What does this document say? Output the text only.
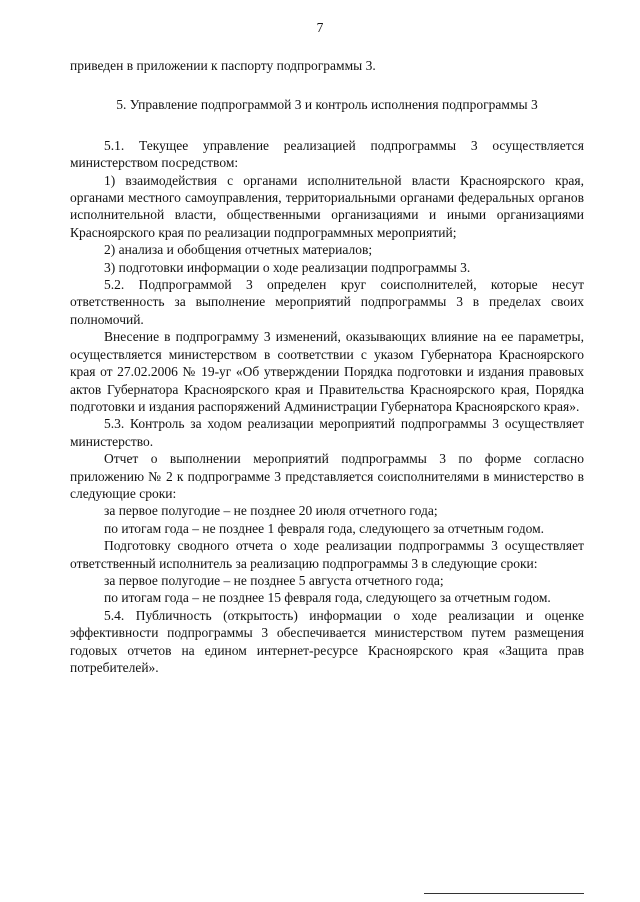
7

приведен в приложении к паспорту подпрограммы 3.

5. Управление подпрограммой 3 и контроль исполнения подпрограммы 3

5.1. Текущее управление реализацией подпрограммы 3 осуществляется министерством посредством:

1) взаимодействия с органами исполнительной власти Красноярского края, органами местного самоуправления, территориальными органами федеральных органов исполнительной власти, общественными организациями и иными организациями Красноярского края по реализации подпрограммных мероприятий;

2) анализа и обобщения отчетных материалов;

3) подготовки информации о ходе реализации подпрограммы 3.

5.2. Подпрограммой 3 определен круг соисполнителей, которые несут ответственность за выполнение мероприятий подпрограммы 3 в пределах своих полномочий.

Внесение в подпрограмму 3 изменений, оказывающих влияние на ее параметры, осуществляется министерством в соответствии с указом Губернатора Красноярского края от 27.02.2006 № 19-уг «Об утверждении Порядка подготовки и издания правовых актов Губернатора Красноярского края и Правительства Красноярского края, Порядка подготовки и издания распоряжений Администрации Губернатора Красноярского края».

5.3. Контроль за ходом реализации мероприятий подпрограммы 3 осуществляет министерство.

Отчет о выполнении мероприятий подпрограммы 3 по форме согласно приложению № 2 к подпрограмме 3 представляется соисполнителями в министерство в следующие сроки:

за первое полугодие – не позднее 20 июля отчетного года;

по итогам года – не позднее 1 февраля года, следующего за отчетным годом.

Подготовку сводного отчета о ходе реализации подпрограммы 3 осуществляет ответственный исполнитель за реализацию подпрограммы 3 в следующие сроки:

за первое полугодие – не позднее 5 августа отчетного года;

по итогам года – не позднее 15 февраля года, следующего за отчетным годом.

5.4. Публичность (открытость) информации о ходе реализации и оценке эффективности подпрограммы 3 обеспечивается министерством путем размещения годовых отчетов на едином интернет-ресурсе Красноярского края «Защита прав потребителей».
